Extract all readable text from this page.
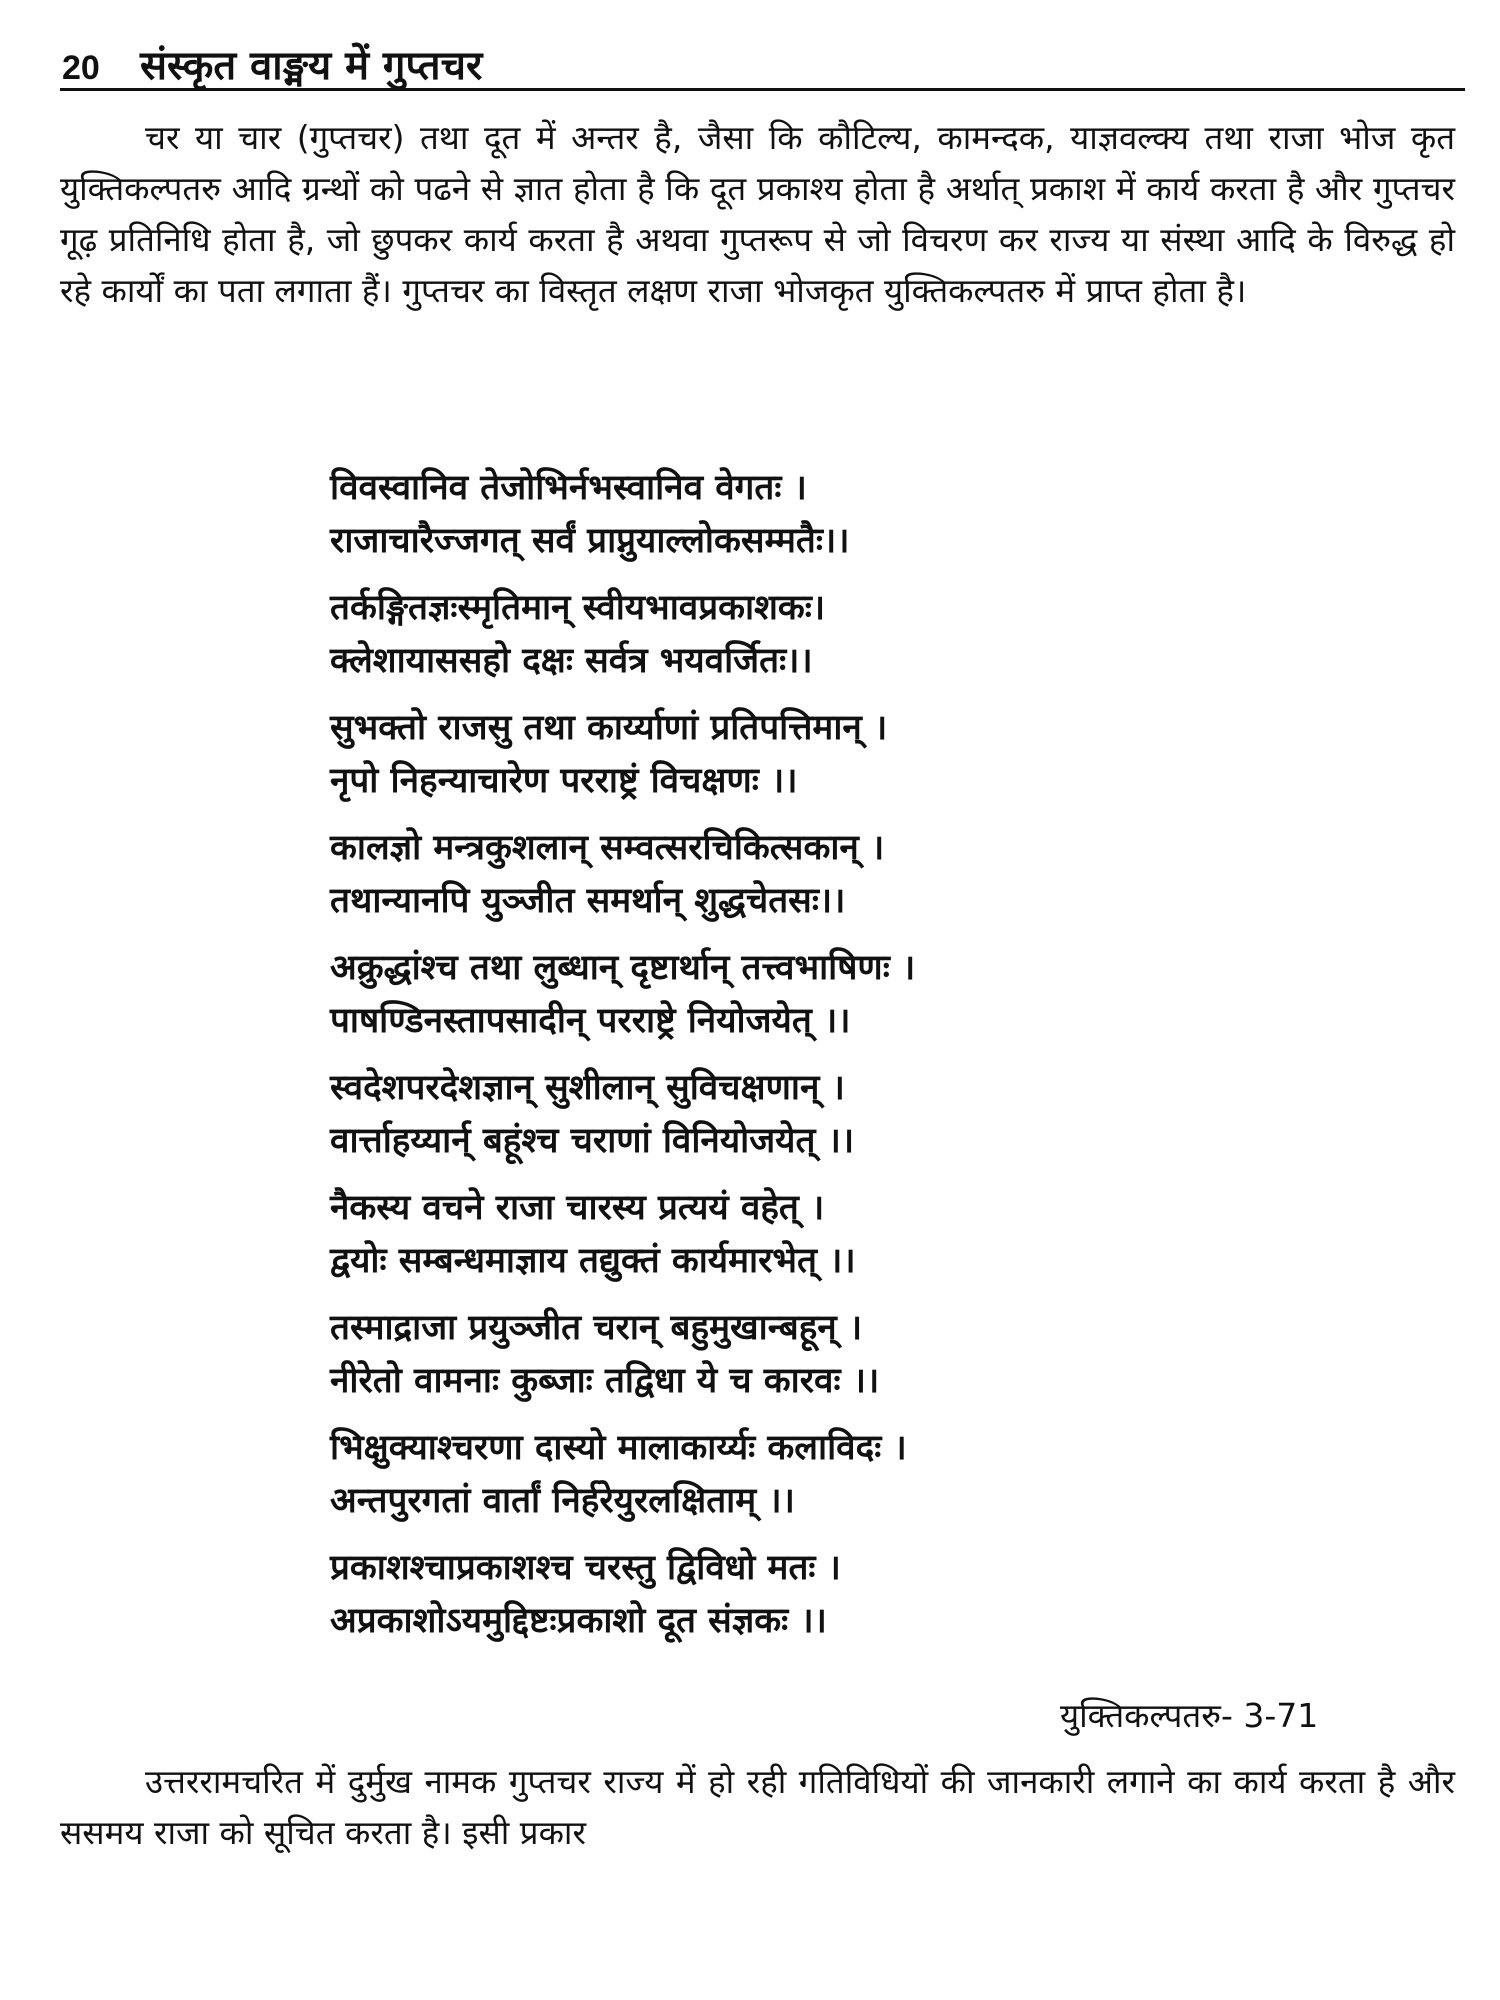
20	संस्कृत वाङ्मय में गुप्तचर

चर या चार (गुप्तचर) तथा दूत में अन्तर है, जैसा कि कौटिल्य, कामन्दक, याज्ञवल्क्य तथा राजा भोज कृत युक्तिकल्पतरु आदि ग्रन्थों को पढने से ज्ञात होता है कि दूत प्रकाश्य होता है अर्थात् प्रकाश में कार्य करता है और गुप्तचर गूढ़ प्रतिनिधि होता है, जो छुपकर कार्य करता है अथवा गुप्तरूप से जो विचरण कर राज्य या संस्था आदि के विरुद्ध हो रहे कार्यों का पता लगाता हैं। गुप्तचर का विस्तृत लक्षण राजा भोजकृत युक्तिकल्पतरु में प्राप्त होता है।

विवस्वानिव तेजोभिर्नभस्वानिव वेगतः ।
राजाचारैज्जगत् सर्वं प्राप्नुयाल्लोकसम्मतैः।।
तर्कङ्गितज्ञःस्मृतिमान् स्वीयभावप्रकाशकः।
क्लेशायाससहो दक्षः सर्वत्र भयवर्जितः।।
सुभक्तो राजसु तथा कार्य्याणां प्रतिपत्तिमान् ।
नृपो निहन्याचारेण परराष्ट्रं विचक्षणः ।।
कालज्ञो मन्त्रकुशलान् सम्वत्सरचिकित्सकान् ।
तथान्यानपि युञ्जीत समर्थान् शुद्धचेतसः।।
अक्रुद्धांश्च तथा लुब्धान् दृष्टार्थान् तत्त्वभाषिणः ।
पाषण्डिनस्तापसादीन् परराष्ट्रे नियोजयेत् ।।
स्वदेशपरदेशज्ञान् सुशीलान् सुविचक्षणान् ।
वार्त्ताहय्यार्न् बहूंश्च चराणां विनियोजयेत् ।।
नैकस्य वचने राजा चारस्य प्रत्ययं वहेत् ।
द्वयोः सम्बन्धमाज्ञाय तद्युक्तं कार्यमारभेत् ।।
तस्माद्राजा प्रयुञ्जीत चरान् बहुमुखान्बहून् ।
नीरेतो वामनाः कुब्जाः तद्विधा ये च कारवः ।।
भिक्षुक्याश्चरणा दास्यो मालाकार्य्यः कलाविदः ।
अन्तपुरगतां वार्तां निर्हरेयुरलक्षिताम् ।।
प्रकाशश्चाप्रकाशश्च चरस्तु द्विविधो मतः ।
अप्रकाशोऽयमुद्दिष्टःप्रकाशो दूत संज्ञकः ।।
युक्तिकल्पतरु- 3-71

उत्तररामचरित में दुर्मुख नामक गुप्तचर राज्य में हो रही गतिविधियों की जानकारी लगाने का कार्य करता है और ससमय राजा को सूचित करता है। इसी प्रकार
